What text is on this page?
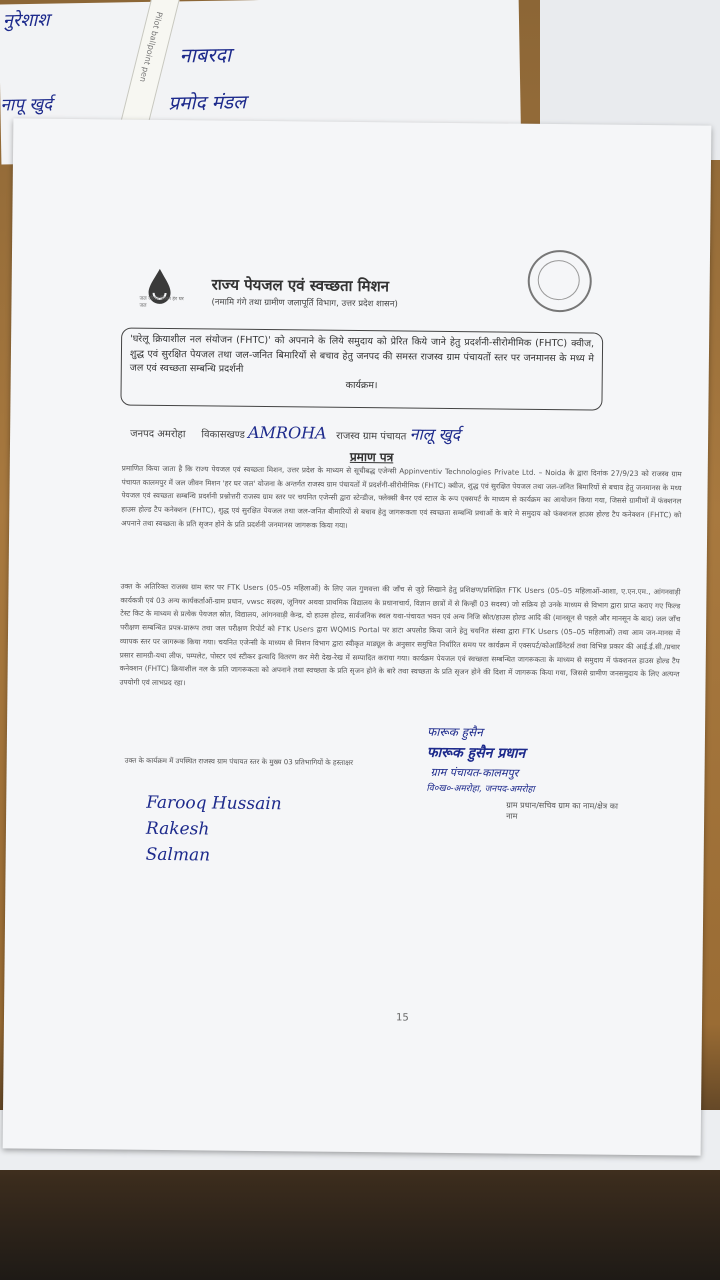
नुरेशाश
नाबरदा
नापू खुर्द	प्रमोद मंडल
Pilot ballpoint pen
जल जीवन मिशन हर घर जल
राज्य पेयजल एवं स्वच्छता मिशन
(नमामि गंगे तथा ग्रामीण जलापूर्ति विभाग, उत्तर प्रदेश शासन)
'घरेलू क्रियाशील नल संयोजन (FHTC)' को अपनाने के लिये समुदाय को प्रेरित किये जाने हेतु प्रदर्शनी-सीरोमीमिक (FHTC) क्वीज, शुद्ध एवं सुरक्षित पेयजल तथा जल-जनित बिमारियों से बचाव हेतु जनपद की समस्त राजस्व ग्राम पंचायतों स्तर पर जनमानस के मध्य मे जल एवं स्वच्छता सम्बन्धि प्रदर्शनी
कार्यक्रम।
जनपद अमरोहा विकासखण्ड AMROHA राजस्व ग्राम पंचायत नालू खुर्द
प्रमाण पत्र
प्रमाणित किया जाता है कि राज्य पेयजल एवं स्वच्छता मिशन, उत्तर प्रदेश के माध्यम से सूचीबद्ध एजेन्सी Appinventiv Technologies Private Ltd. – Noida के द्वारा दिनांक 27/9/23 को राजस्व ग्राम पंचायत कालमपुर में जल जीवन मिशन 'हर घर जल' योजना के अन्तर्गत राजस्व ग्राम पंचायतों में प्रदर्शनी-सीरोमीमिक (FHTC) क्वीज, शुद्ध एवं सुरक्षित पेयजल तथा जल-जनित बिमारियों से बचाव हेतु जनमानस के मध्य पेयजल एवं स्वच्छता सम्बन्धि प्रदर्शनी प्रश्नोत्तरी राजस्व ग्राम स्तर पर चयनित एजेन्सी द्वारा स्टेन्डीज, फ्लेक्सी बैनर एवं स्टाल के रूप एक्सपर्ट के माध्यम से कार्यक्रम का आयोजन किया गया, जिससे ग्रामीणों में फंक्शनल हाउस होल्ड टैप कनेक्शन (FHTC), शुद्ध एवं सुरक्षित पेयजल तथा जल-जनित बीमारियों से बचाव हेतु जागरूकता एवं स्वच्छता सम्बन्धि प्रथाओं के बारे मे समुदाय को फंक्शनल हाउस होल्ड टैप कनेक्शन (FHTC) को अपनाने तथा स्वच्छता के प्रति सृजन होने के प्रति प्रदर्शनी जनमानस जागरूक किया गया।
उक्त के अतिरिक्त राजस्व ग्राम स्तर पर FTK Users (05–05 महिलाओं) के लिए जल गुणवत्ता की जाँच से जुड़े सिखाने हेतु प्रशिक्षण/प्रशिक्षित FTK Users (05–05 महिलाओं-आशा, ए.एन.एम., आंगनवाड़ी कार्यकत्री एवं 03 अन्य कार्यकर्ताओं-ग्राम प्रधान, vwsc सदस्य, जूनियर अथवा प्राथमिक विद्यालय के प्रधानाचार्य, विज्ञान छात्रों में से किन्हीं 03 सदस्य) जो सक्रिय हो उनके माध्यम से विभाग द्वारा प्राप्त कराए गए फिल्ड टेस्ट किट के माध्यम से प्रत्येक पेयजल स्रोत, विद्यालय, आंगनवाड़ी केन्द्र, दो हाउस होल्ड, सार्वजनिक स्थल यथा-पंचायत भवन एवं अन्य निजि स्रोत/हाउस होल्ड आदि की (मानसून से पहले और मानसून के बाद) जल जाँच परीक्षण सम्बन्धित प्रपत्र-प्रारूप तथा जल परीक्षण रिपोर्ट को FTK Users द्वारा WQMIS Portal पर डाटा अपलोड किया जाने हेतु चयनित संस्था द्वारा FTK Users (05–05 महिलाओं) तथा आम जन-मानस में व्यापक स्तर पर जागरूक किया गया। चयनित एजेन्सी के माध्यम से मिशन विभाग द्वारा स्वीकृत माड्यूल के अनुसार समुचित निर्धारित समय पर कार्यक्रम में एक्सपर्ट/कोआर्डिनेटर्स तथा विभिन्न प्रकार की आई.ई.सी./प्रचार प्रसार सामग्री-यथा लीफ, पम्पलेट, पोस्टर एवं स्टीकर इत्यादि वितरण कर मेरी देख-रेख में सम्पादित कराया गया। कार्यक्रम पेयजल एवं स्वच्छता सम्बन्धित जागरूकता के माध्यम से समुदाय में फंक्शनल हाउस होल्ड टैप कनेक्शन (FHTC) क्रियाशील नल के प्रति जागरूकता को अपनाने तथा स्वच्छता के प्रति सृजन होने के बारे तथा स्वच्छता के प्रति सृजन होने की दिशा में जागरूक किया गया, जिससे ग्रामीण जनसमुदाय के लिए अत्यन्त उपयोगी एवं लाभप्रद रहा।
उक्त के कार्यक्रम में उपस्थित राजस्व ग्राम पंचायत स्तर के मुख्य 03 प्रतिभागियों के हस्ताक्षर
फारूक हुसैन
फारूक हुसैन प्रधान
ग्राम पंचायत-कालमपुर
वि०ख०-अमरोहा, जनपद-अमरोहा
ग्राम प्रधान/सचिव ग्राम का नाम/क्षेत्र का नाम
Farooq Hussain
Rakesh
Salman
15
